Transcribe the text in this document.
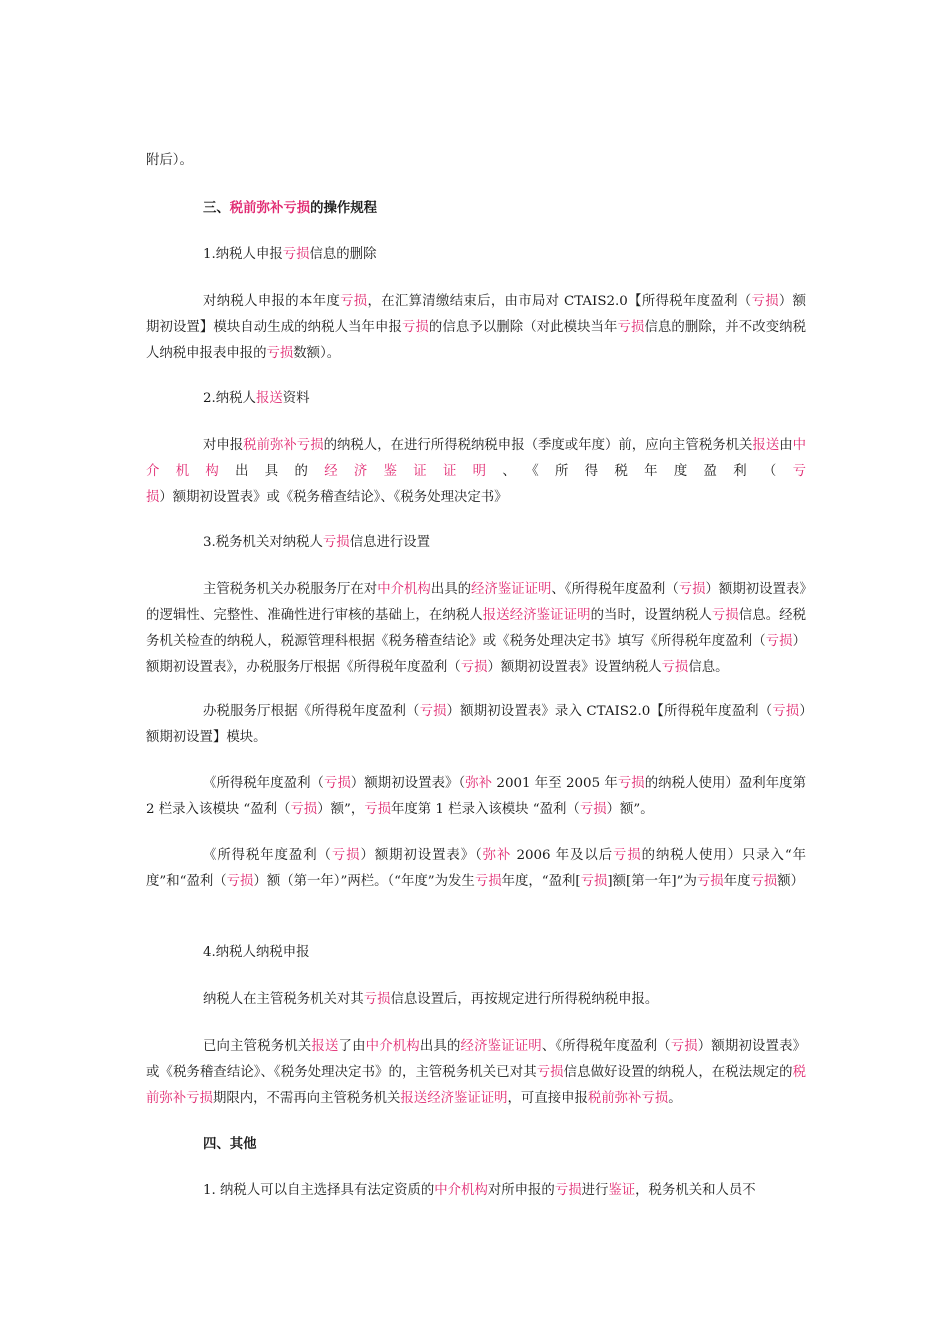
附后）。

三、税前弥补亏损的操作规程

1.纳税人申报亏损信息的删除

对纳税人申报的本年度亏损，在汇算清缴结束后，由市局对 CTAIS2.0【所得税年度盈利（亏损）额期初设置】模块自动生成的纳税人当年申报亏损的信息予以删除（对此模块当年亏损信息的删除，并不改变纳税人纳税申报表申报的亏损数额）。

2.纳税人报送资料

对申报税前弥补亏损的纳税人，在进行所得税纳税申报（季度或年度）前，应向主管税务机关报送由中介机构出具的经济鉴证证明、《所得税年度盈利（亏损）额期初设置表》或《税务稽查结论》、《税务处理决定书》

3.税务机关对纳税人亏损信息进行设置

主管税务机关办税服务厅在对中介机构出具的经济鉴证证明、《所得税年度盈利（亏损）额期初设置表》的逻辑性、完整性、准确性进行审核的基础上，在纳税人报送经济鉴证证明的当时，设置纳税人亏损信息。经税务机关检查的纳税人，税源管理科根据《税务稽查结论》或《税务处理决定书》填写《所得税年度盈利（亏损）额期初设置表》，办税服务厅根据《所得税年度盈利（亏损）额期初设置表》设置纳税人亏损信息。

办税服务厅根据《所得税年度盈利（亏损）额期初设置表》录入 CTAIS2.0【所得税年度盈利（亏损）额期初设置】模块。

《所得税年度盈利（亏损）额期初设置表》（弥补 2001 年至 2005 年亏损的纳税人使用）盈利年度第 2 栏录入该模块 “盈利（亏损）额”，亏损年度第 1 栏录入该模块 “盈利（亏损）额”。

《所得税年度盈利（亏损）额期初设置表》（弥补 2006 年及以后亏损的纳税人使用）只录入“年度”和“盈利（亏损）额（第一年）”两栏。（“年度”为发生亏损年度，“盈利[亏损]额[第一年]”为亏损年度亏损额）

4.纳税人纳税申报

纳税人在主管税务机关对其亏损信息设置后，再按规定进行所得税纳税申报。

已向主管税务机关报送了由中介机构出具的经济鉴证证明、《所得税年度盈利（亏损）额期初设置表》或《税务稽查结论》、《税务处理决定书》的，主管税务机关已对其亏损信息做好设置的纳税人，在税法规定的税前弥补亏损期限内，不需再向主管税务机关报送经济鉴证证明，可直接申报税前弥补亏损。

四、其他

1. 纳税人可以自主选择具有法定资质的中介机构对所申报的亏损进行鉴证，税务机关和人员不
